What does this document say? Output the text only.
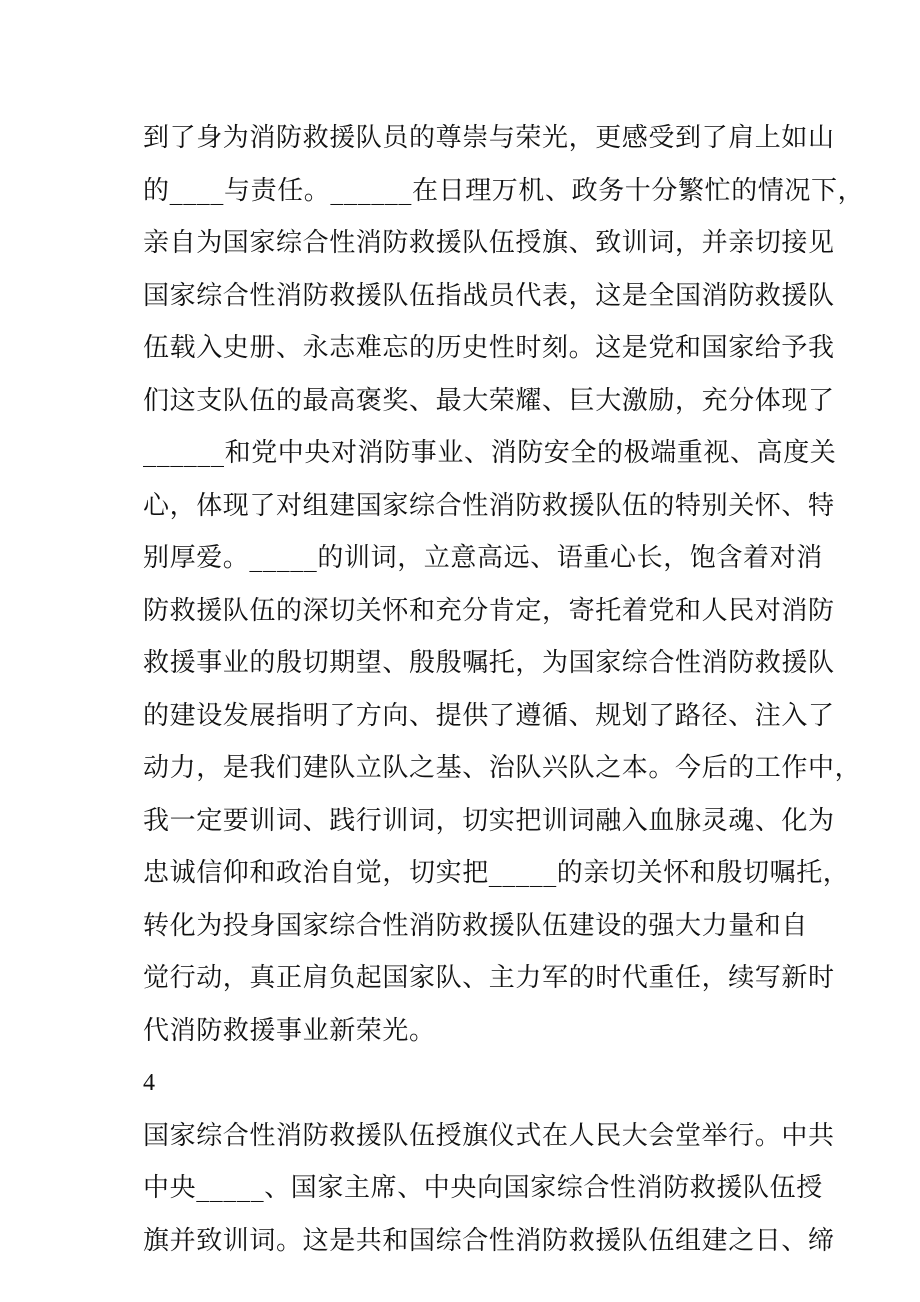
到了身为消防救援队员的尊崇与荣光，更感受到了肩上如山
的____与责任。______在日理万机、政务十分繁忙的情况下，
亲自为国家综合性消防救援队伍授旗、致训词，并亲切接见
国家综合性消防救援队伍指战员代表，这是全国消防救援队
伍载入史册、永志难忘的历史性时刻。这是党和国家给予我
们这支队伍的最高褒奖、最大荣耀、巨大激励，充分体现了
______和党中央对消防事业、消防安全的极端重视、高度关
心，体现了对组建国家综合性消防救援队伍的特别关怀、特
别厚爱。_____的训词，立意高远、语重心长，饱含着对消
防救援队伍的深切关怀和充分肯定，寄托着党和人民对消防
救援事业的殷切期望、殷殷嘱托，为国家综合性消防救援队
的建设发展指明了方向、提供了遵循、规划了路径、注入了
动力，是我们建队立队之基、治队兴队之本。今后的工作中，
我一定要训词、践行训词，切实把训词融入血脉灵魂、化为
忠诚信仰和政治自觉，切实把_____的亲切关怀和殷切嘱托，
转化为投身国家综合性消防救援队伍建设的强大力量和自
觉行动，真正肩负起国家队、主力军的时代重任，续写新时
代消防救援事业新荣光。
4
国家综合性消防救援队伍授旗仪式在人民大会堂举行。中共
中央_____、国家主席、中央向国家综合性消防救援队伍授
旗并致训词。这是共和国综合性消防救援队伍组建之日、缔
